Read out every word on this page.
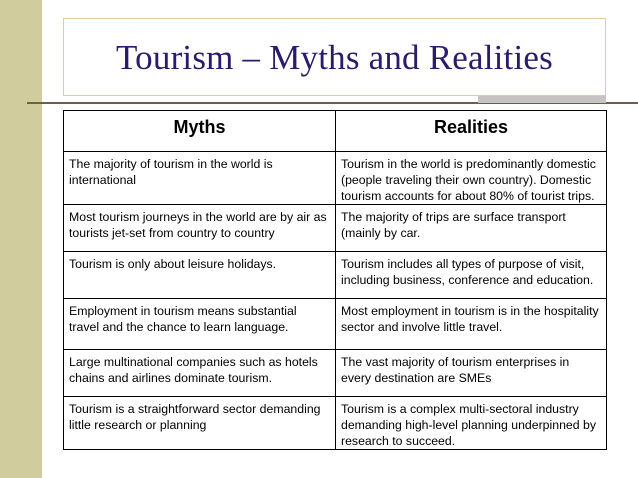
Tourism – Myths and Realities
Myths	Realities
The majority of tourism in the world is international	Tourism in the world is predominantly domestic (people traveling their own country). Domestic tourism accounts for about 80% of tourist trips.
Most tourism journeys in the world are by air as tourists jet-set from country to country	The majority of trips are surface transport (mainly by car.
Tourism is only about leisure holidays.	Tourism includes all types of purpose of visit, including business, conference and education.
Employment in tourism means substantial travel and the chance to learn language.	Most employment in tourism is in the hospitality sector and involve little travel.
Large multinational companies such as hotels chains and airlines dominate tourism.	The vast majority of tourism enterprises in every destination are SMEs
Tourism is a straightforward sector demanding little research or planning	Tourism is a complex multi-sectoral industry demanding high-level planning underpinned by research to succeed.
